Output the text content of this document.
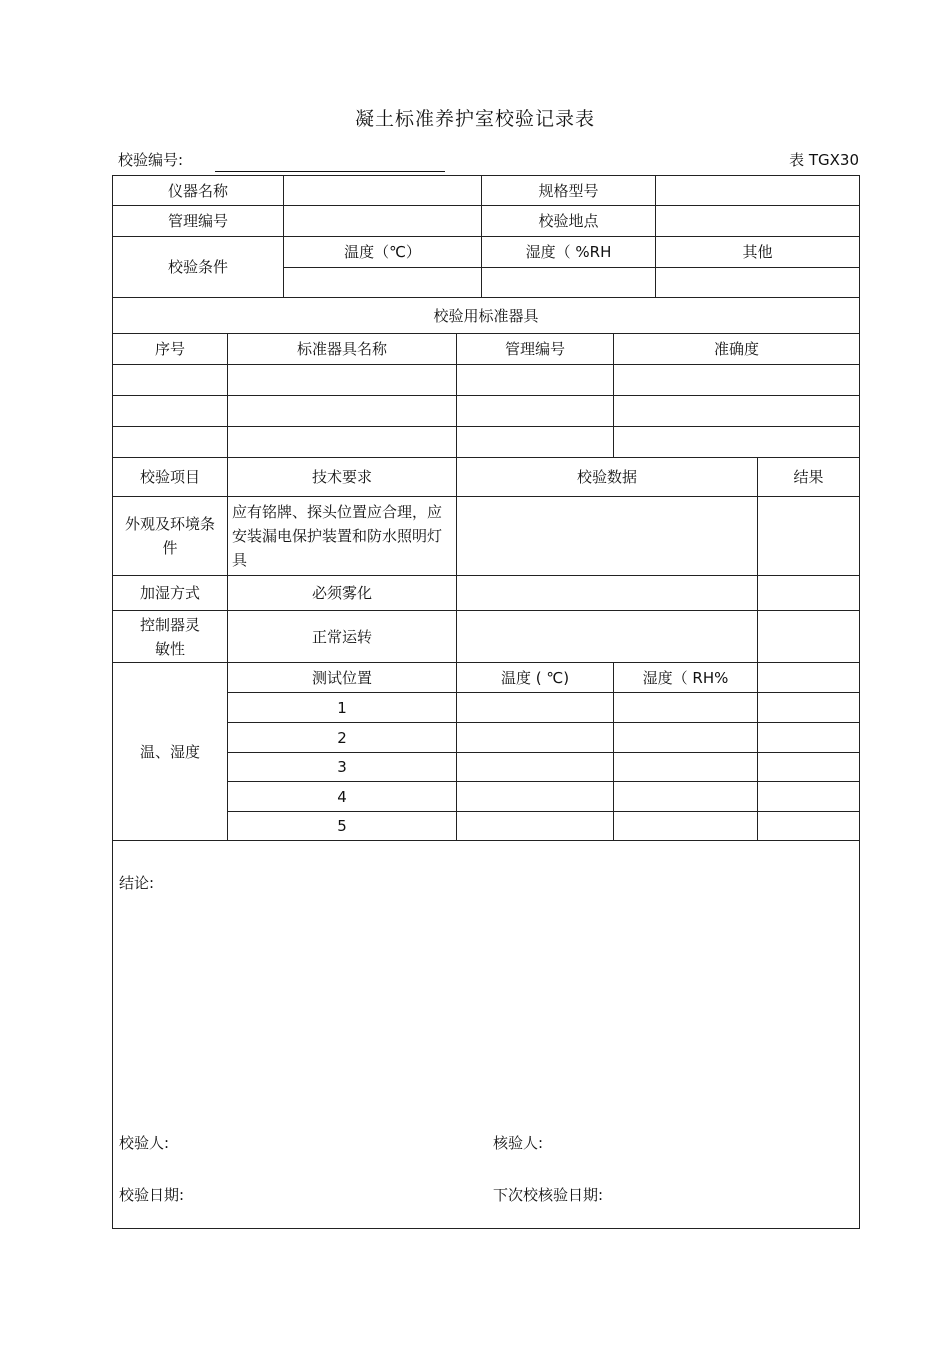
凝土标准养护室校验记录表
校验编号:	表 TGX30
仪器名称				规格型号			
管理编号				校验地点			
校验条件		温度（℃）		湿度（ %RH		其他	

校验用标准器具							
序号	标准器具名称		管理编号		准确度		

校验项目	技术要求		校验数据				结果
外观及环境条件	应有铭牌、探头位置应合理，应安装漏电保护装置和防水照明灯具						
加湿方式	必须雾化						
控制器灵敏性	正常运转						
温、湿度	测试位置		温度 ( ℃)		湿度（ RH%		
	1						
	2						
	3						
	4						
	5						

结论:
校验人: 核验人:
校验日期: 下次校核验日期:							
